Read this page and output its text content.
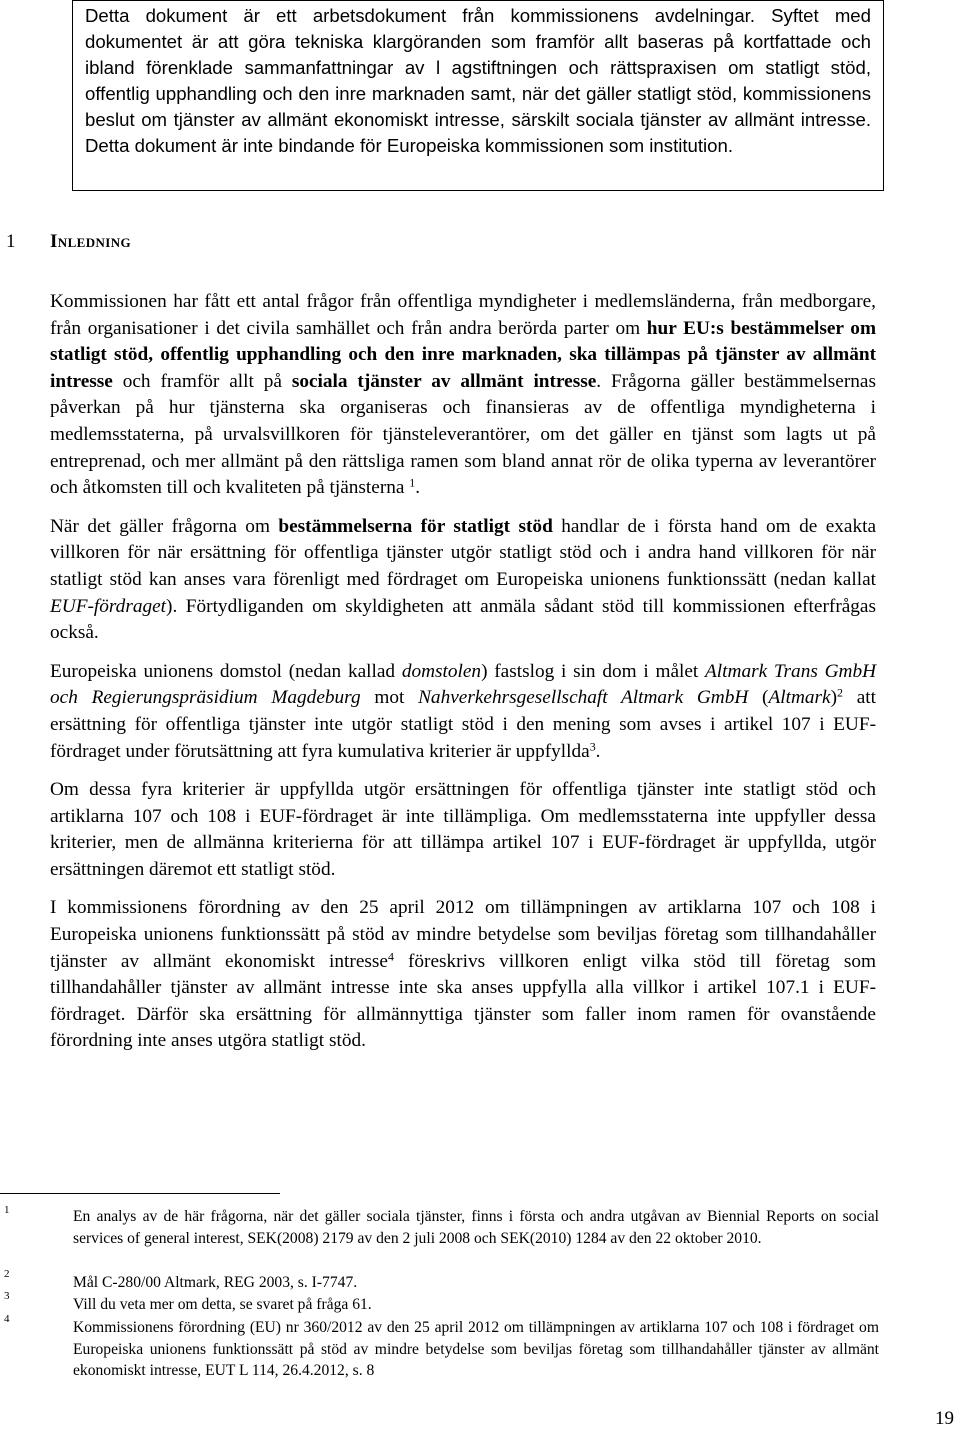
Detta dokument är ett arbetsdokument från kommissionens avdelningar. Syftet med dokumentet är att göra tekniska klargöranden som framför allt baseras på kortfattade och ibland förenklade sammanfattningar av l agstiftningen och rättspraxisen om statligt stöd, offentlig upphandling och den inre marknaden samt, när det gäller statligt stöd, kommissionens beslut om tjänster av allmänt ekonomiskt intresse, särskilt sociala tjänster av allmänt intresse. Detta dokument är inte bindande för Europeiska kommissionen som institution.

1 Inledning

Kommissionen har fått ett antal frågor från offentliga myndigheter i medlemsländerna, från medborgare, från organisationer i det civila samhället och från andra berörda parter om hur EU:s bestämmelser om statligt stöd, offentlig upphandling och den inre marknaden, ska tillämpas på tjänster av allmänt intresse och framför allt på sociala tjänster av allmänt intresse. Frågorna gäller bestämmelsernas påverkan på hur tjänsterna ska organiseras och finansieras av de offentliga myndigheterna i medlemsstaterna, på urvalsvillkoren för tjänsteleverantörer, om det gäller en tjänst som lagts ut på entreprenad, och mer allmänt på den rättsliga ramen som bland annat rör de olika typerna av leverantörer och åtkomsten till och kvaliteten på tjänsterna $^1$.

När det gäller frågorna om bestämmelserna för statligt stöd handlar de i första hand om de exakta villkoren för när ersättning för offentliga tjänster utgör statligt stöd och i andra hand villkoren för när statligt stöd kan anses vara förenligt med fördraget om Europeiska unionens funktionssätt (nedan kallat EUF-fördraget). Förtydliganden om skyldigheten att anmäla sådant stöd till kommissionen efterfrågas också.

Europeiska unionens domstol (nedan kallad domstolen) fastslog i sin dom i målet Altmark Trans GmbH och Regierungspräsidium Magdeburg mot Nahverkehrsgesellschaft Altmark GmbH (Altmark)$^2$ att ersättning för offentliga tjänster inte utgör statligt stöd i den mening som avses i artikel 107 i EUF-fördraget under förutsättning att fyra kumulativa kriterier är uppfyllda$^3$.

Om dessa fyra kriterier är uppfyllda utgör ersättningen för offentliga tjänster inte statligt stöd och artiklarna 107 och 108 i EUF-fördraget är inte tillämpliga. Om medlemsstaterna inte uppfyller dessa kriterier, men de allmänna kriterierna för att tillämpa artikel 107 i EUF-fördraget är uppfyllda, utgör ersättningen däremot ett statligt stöd.

I kommissionens förordning av den 25 april 2012 om tillämpningen av artiklarna 107 och 108 i Europeiska unionens funktionssätt på stöd av mindre betydelse som beviljas företag som tillhandahåller tjänster av allmänt ekonomiskt intresse$^4$ föreskrivs villkoren enligt vilka stöd till företag som tillhandahåller tjänster av allmänt intresse inte ska anses uppfylla alla villkor i artikel 107.1 i EUF-fördraget. Därför ska ersättning för allmännyttiga tjänster som faller inom ramen för ovanstående förordning inte anses utgöra statligt stöd.

1	En analys av de här frågorna, när det gäller sociala tjänster, finns i första och andra utgåvan av Biennial Reports on social services of general interest, SEK(2008) 2179 av den 2 juli 2008 och SEK(2010) 1284 av den 22 oktober 2010.
2	Mål C-280/00 Altmark, REG 2003, s. I-7747.
3	Vill du veta mer om detta, se svaret på fråga 61.
4	Kommissionens förordning (EU) nr 360/2012 av den 25 april 2012 om tillämpningen av artiklarna 107 och 108 i fördraget om Europeiska unionens funktionssätt på stöd av mindre betydelse som beviljas företag som tillhandahåller tjänster av allmänt ekonomiskt intresse, EUT L 114, 26.4.2012, s. 8
19
